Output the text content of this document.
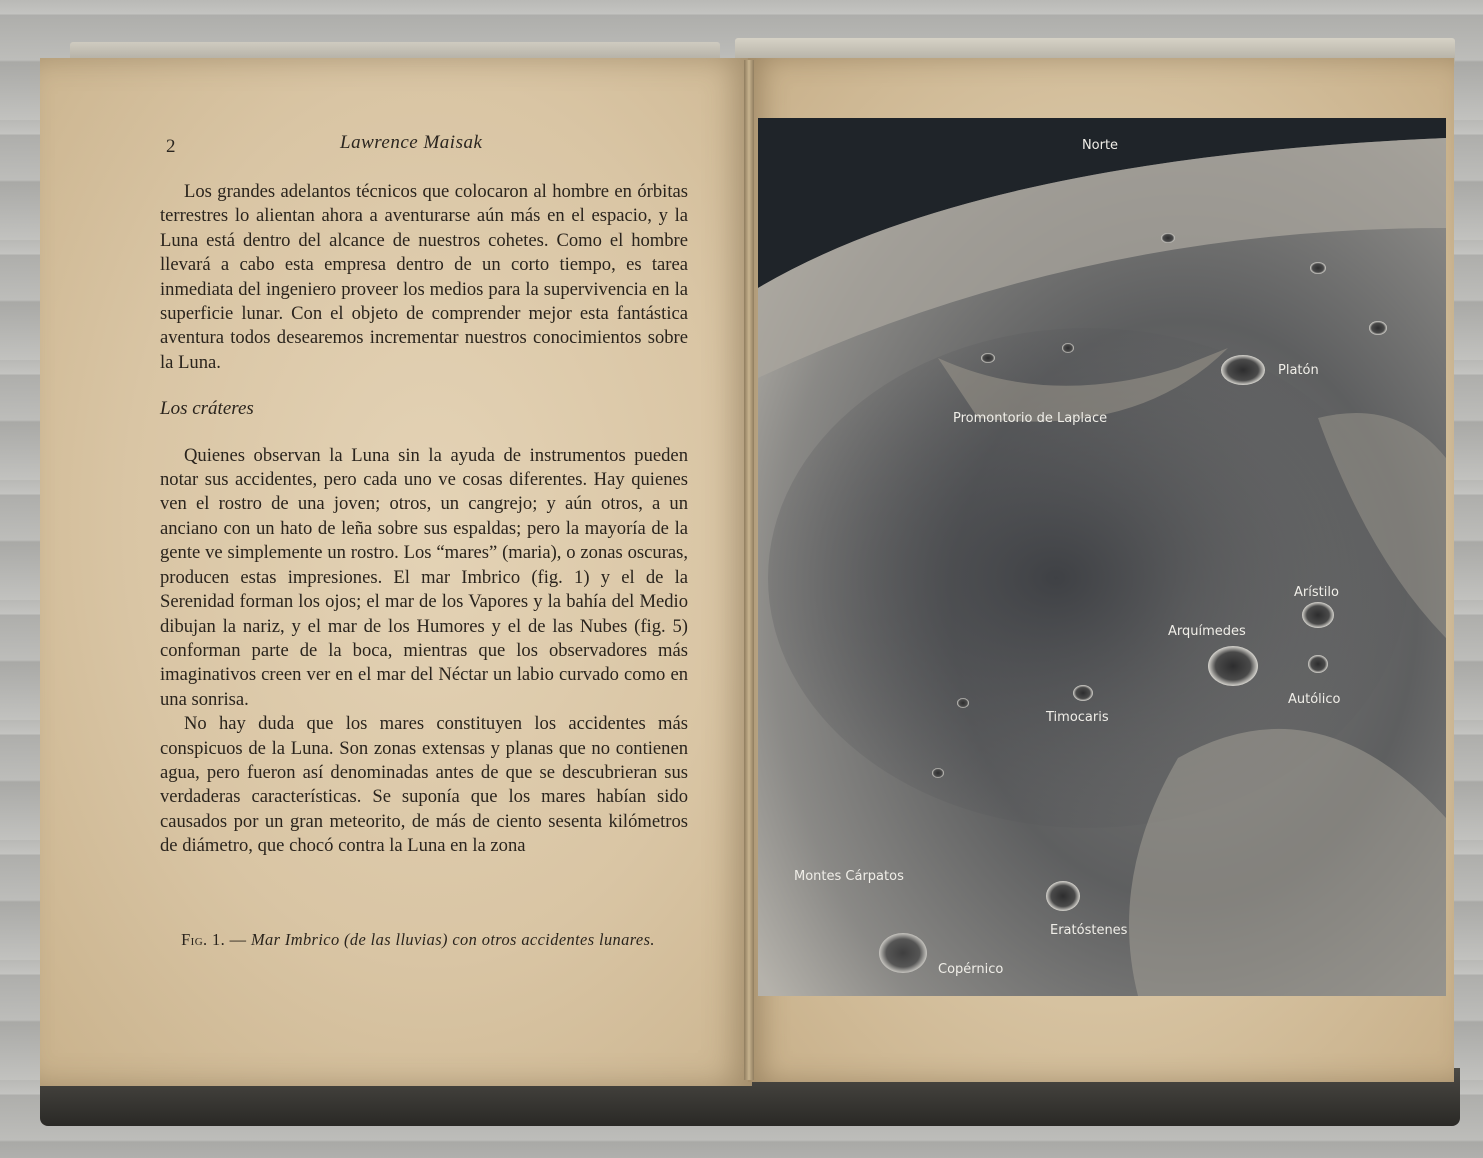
2	Lawrence Maisak

Los grandes adelantos técnicos que colocaron al hombre en órbitas terrestres lo alientan ahora a aventurarse aún más en el espacio, y la Luna está dentro del alcance de nuestros cohetes. Como el hombre llevará a cabo esta empresa dentro de un corto tiempo, es tarea inmediata del ingeniero proveer los medios para la supervivencia en la superficie lunar. Con el objeto de comprender mejor esta fantástica aventura todos desearemos incrementar nuestros conocimientos sobre la Luna.

Los cráteres

Quienes observan la Luna sin la ayuda de instrumentos pueden notar sus accidentes, pero cada uno ve cosas diferentes. Hay quienes ven el rostro de una joven; otros, un cangrejo; y aún otros, a un anciano con un hato de leña sobre sus espaldas; pero la mayoría de la gente ve simplemente un rostro. Los “mares” (maria), o zonas oscuras, producen estas impresiones. El mar Imbrico (fig. 1) y el de la Serenidad forman los ojos; el mar de los Vapores y la bahía del Medio dibujan la nariz, y el mar de los Humores y el de las Nubes (fig. 5) conforman parte de la boca, mientras que los observadores más imaginativos creen ver en el mar del Néctar un labio curvado como en una sonrisa.

No hay duda que los mares constituyen los accidentes más conspicuos de la Luna. Son zonas extensas y planas que no contienen agua, pero fueron así denominadas antes de que se descubrieran sus verdaderas características. Se suponía que los mares habían sido causados por un gran meteorito, de más de ciento sesenta kilómetros de diámetro, que chocó contra la Luna en la zona

Fig. 1. — Mar Imbrico (de las lluvias) con otros accidentes lunares.
Norte
Platón
Promontorio de Laplace
Arístilo
Arquímedes
Autólico
Timocaris
Montes Cárpatos
Eratóstenes
Copérnico
